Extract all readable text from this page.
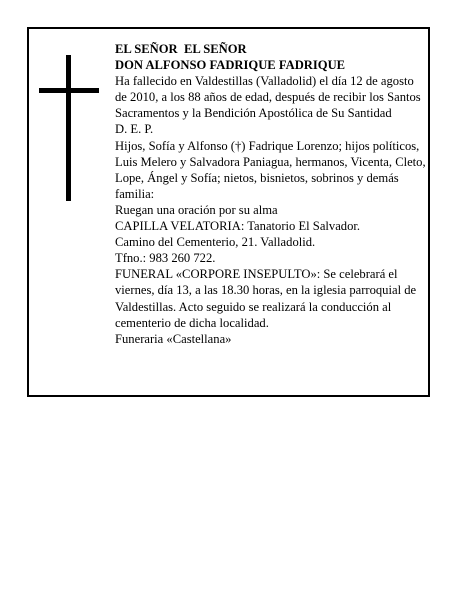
EL SEÑOR  EL SEÑOR

DON ALFONSO FADRIQUE FADRIQUE

Ha fallecido en Valdestillas (Valladolid) el día 12 de agosto de 2010, a los 88 años de edad, después de recibir los Santos Sacramentos y la Bendición Apostólica de Su Santidad

D. E. P.

Hijos, Sofía y Alfonso (†) Fadrique Lorenzo; hijos políticos, Luis Melero y Salvadora Paniagua, hermanos, Vicenta, Cleto, Lope, Ángel y Sofía; nietos, bisnietos, sobrinos y demás familia:

Ruegan una oración por su alma

CAPILLA VELATORIA: Tanatorio El Salvador.

Camino del Cementerio, 21. Valladolid.

Tfno.: 983 260 722.

FUNERAL «CORPORE INSEPULTO»: Se celebrará el viernes, día 13, a las 18.30 horas, en la iglesia parroquial de Valdestillas. Acto seguido se realizará la conducción al cementerio de dicha localidad.

Funeraria «Castellana»
